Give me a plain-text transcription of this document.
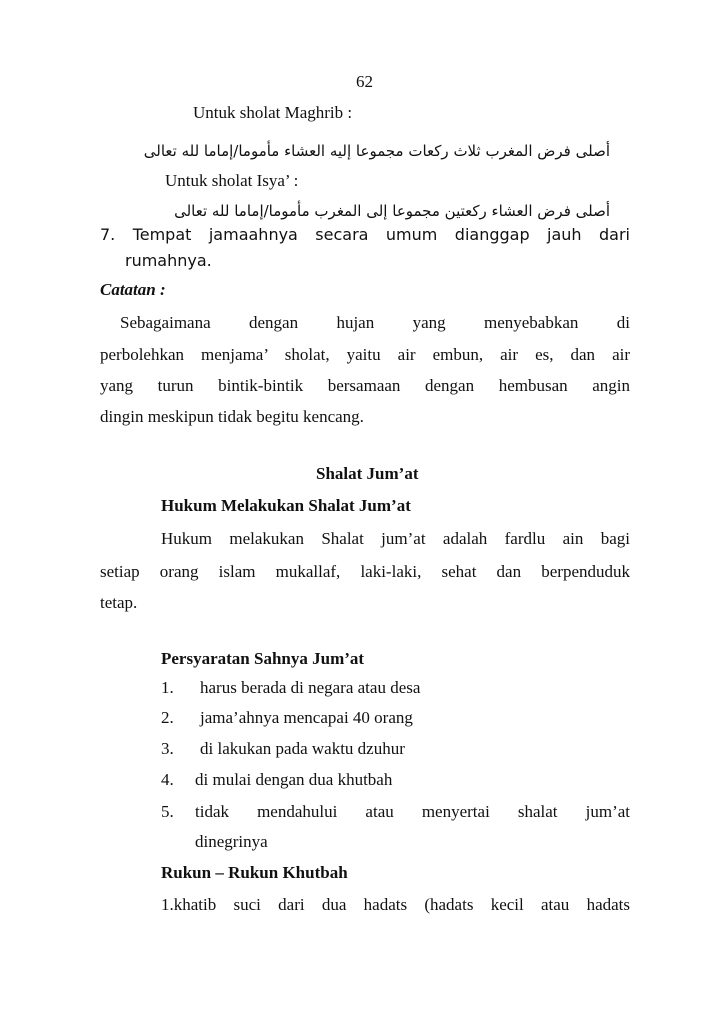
62
Untuk sholat Maghrib :
أصلى فرض المغرب ثلاث ركعات مجموعا إليه العشاء مأموما/إماما لله تعالى
Untuk sholat Isya’ :
أصلى فرض العشاء ركعتين مجموعا إلى المغرب مأموما/إماما لله تعالى
7. Tempat jamaahnya secara umum dianggap jauh dari
rumahnya.
Catatan :
Sebagaimana dengan hujan yang menyebabkan di
perbolehkan menjama’ sholat, yaitu air embun, air es, dan air
yang turun bintik-bintik bersamaan dengan hembusan angin
dingin meskipun tidak begitu kencang.
Shalat Jum’at
Hukum Melakukan Shalat Jum’at
Hukum melakukan Shalat jum’at adalah fardlu ain bagi
setiap orang islam mukallaf, laki-laki, sehat dan berpenduduk
tetap.
Persyaratan Sahnya Jum’at
1. harus berada di negara atau desa
2. jama’ahnya mencapai 40 orang
3. di lakukan pada waktu dzuhur
4. di mulai dengan dua khutbah
5. tidak mendahului atau menyertai shalat jum’at
dinegrinya
Rukun – Rukun Khutbah
1.khatib suci dari dua hadats (hadats kecil atau hadats
